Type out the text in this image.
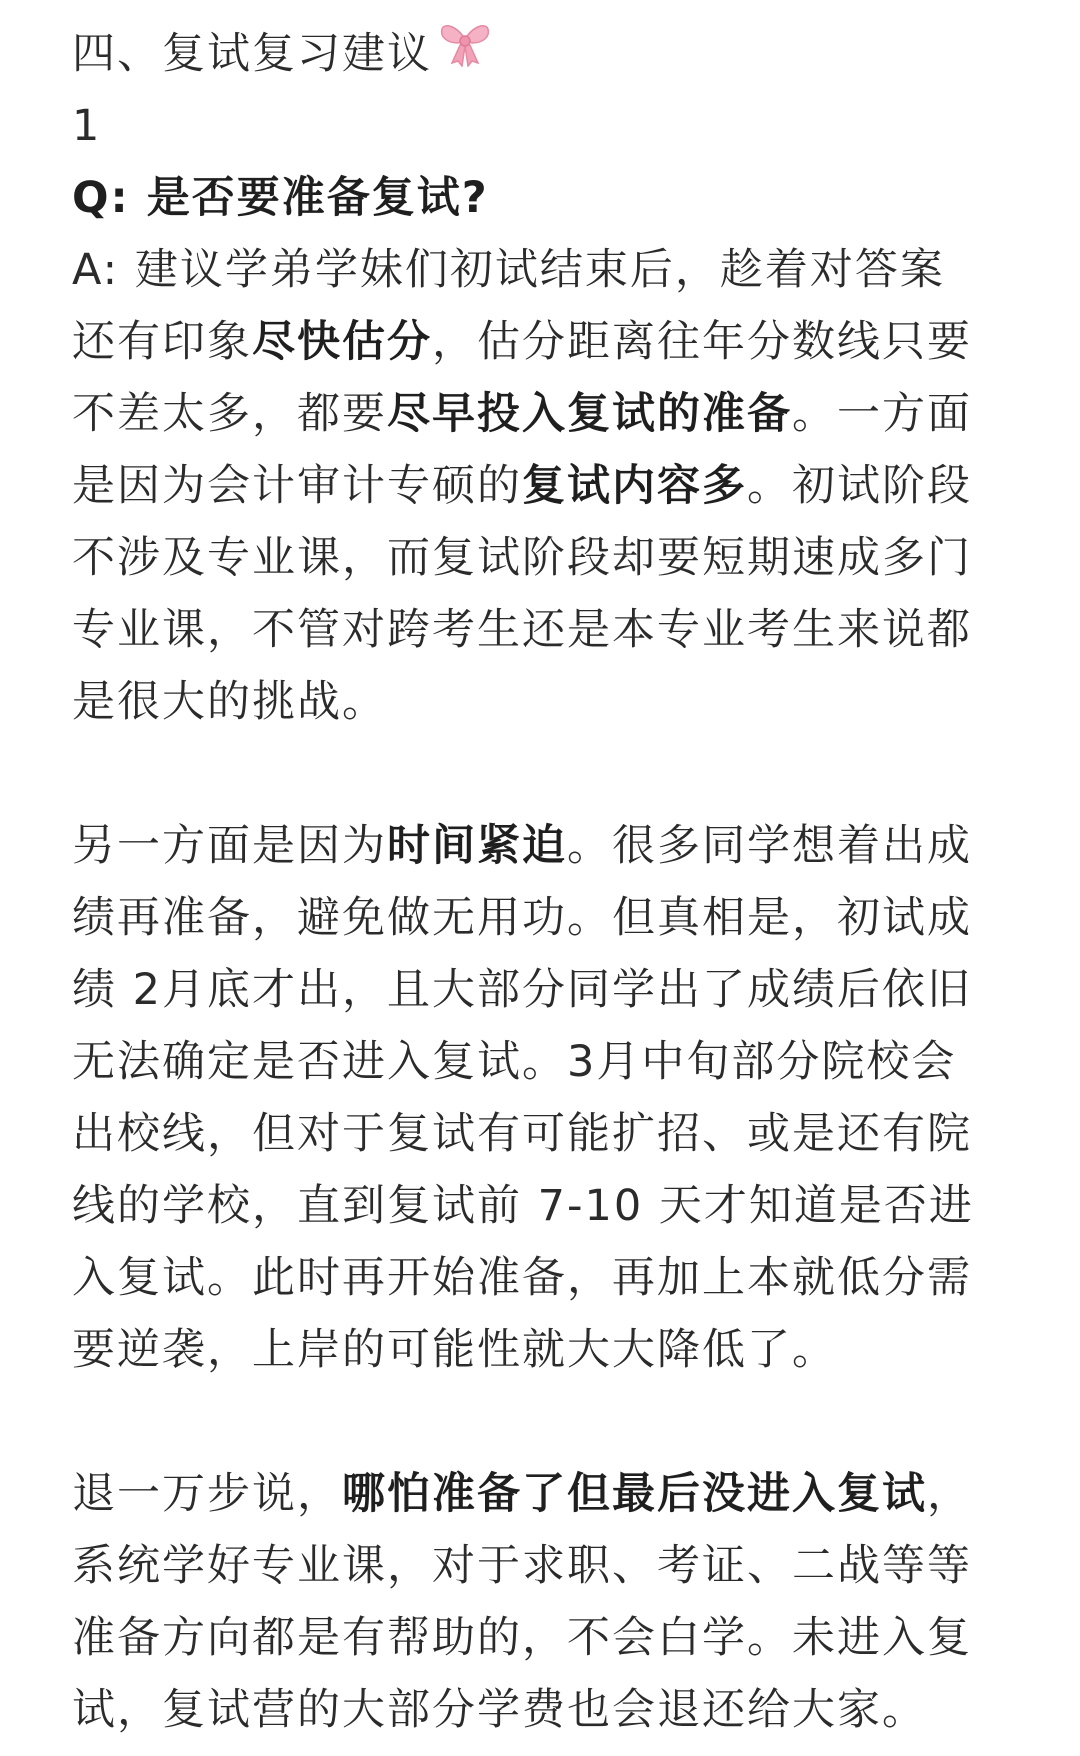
四、复试复习建议
1
Q: 是否要准备复试?
A: 建议学弟学妹们初试结束后，趁着对答案
还有印象尽快估分，估分距离往年分数线只要
不差太多，都要尽早投入复试的准备。一方面
是因为会计审计专硕的复试内容多。初试阶段
不涉及专业课，而复试阶段却要短期速成多门
专业课，不管对跨考生还是本专业考生来说都
是很大的挑战。
另一方面是因为时间紧迫。很多同学想着出成
绩再准备，避免做无用功。但真相是，初试成
绩 2月底才出，且大部分同学出了成绩后依旧
无法确定是否进入复试。3月中旬部分院校会
出校线，但对于复试有可能扩招、或是还有院
线的学校，直到复试前 7-10 天才知道是否进
入复试。此时再开始准备，再加上本就低分需
要逆袭，上岸的可能性就大大降低了。
退一万步说，哪怕准备了但最后没进入复试，
系统学好专业课，对于求职、考证、二战等等
准备方向都是有帮助的，不会白学。未进入复
试，复试营的大部分学费也会退还给大家。
